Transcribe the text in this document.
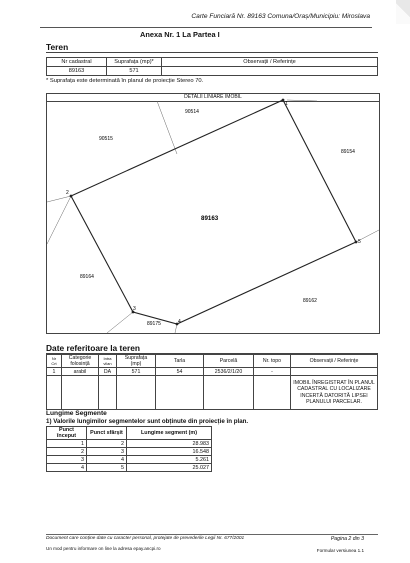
Carte Funciară Nr. 89163 Comuna/Oraș/Municipiu: Miroslava
Anexa Nr. 1 La Partea I
Teren
Nr cadastral	Suprafața (mp)*	Observații / Referințe
89163	571	
* Suprafața este determinată în planul de proiecție Stereo 70.
DETALII LINIARE IMOBIL
1
2
3
4
5
89163
90514
90515
89154
89164
89162
89175
Date referitoare la teren
Nr Crt	Categorie folosință	Intra vilan	Suprafața (mp)	Tarla	Parcelă	Nr. topo	Observații / Referințe
1	arabil	DA	571	54	2536/2/1/20	-	
							IMOBIL ÎNREGISTRAT ÎN PLANUL CADASTRAL CU LOCALIZARE INCERTĂ DATORITĂ LIPSEI PLANULUI PARCELAR.
Lungime Segmente
1) Valorile lungimilor segmentelor sunt obținute din proiecție în plan.
Punct început	Punct sfârșit	Lungime segment (m)
1	2	28.983
2	3	16.548
3	4	5.261
4	5	25.027
Document care conține date cu caracter personal, protejate de prevederile Legii Nr. 677/2001	Pagina 2 din 3
Un mod pentru informare on line la adresa epay.ancpi.ro	Formular versiunea 1.1
